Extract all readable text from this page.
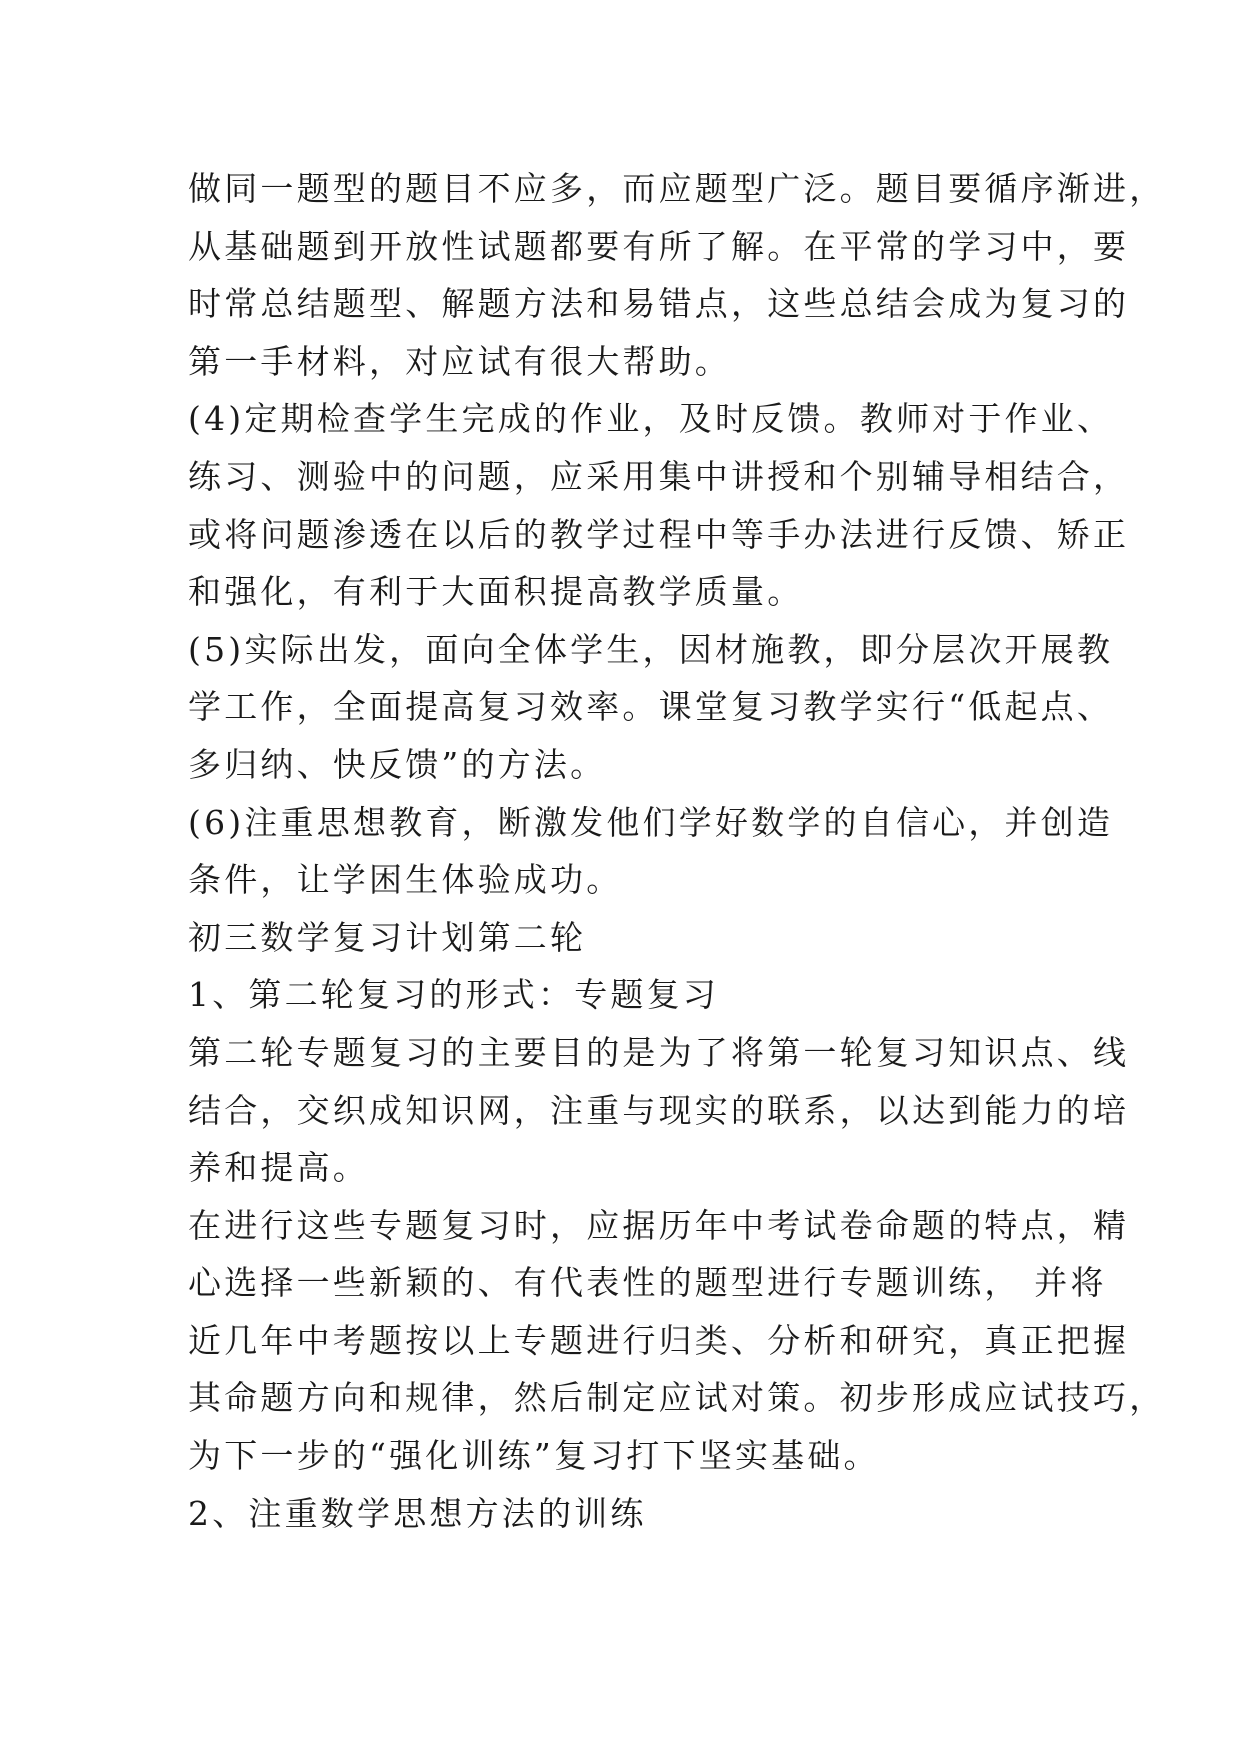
做同一题型的题目不应多，而应题型广泛。题目要循序渐进，
从基础题到开放性试题都要有所了解。在平常的学习中，要
时常总结题型、解题方法和易错点，这些总结会成为复习的
第一手材料，对应试有很大帮助。
(4)定期检查学生完成的作业，及时反馈。教师对于作业、
练习、测验中的问题，应采用集中讲授和个别辅导相结合，
或将问题渗透在以后的教学过程中等手办法进行反馈、矫正
和强化，有利于大面积提高教学质量。
(5)实际出发，面向全体学生，因材施教，即分层次开展教
学工作，全面提高复习效率。课堂复习教学实行“低起点、
多归纳、快反馈”的方法。
(6)注重思想教育，断激发他们学好数学的自信心，并创造
条件，让学困生体验成功。
初三数学复习计划第二轮
1、第二轮复习的形式：专题复习
第二轮专题复习的主要目的是为了将第一轮复习知识点、线
结合，交织成知识网，注重与现实的联系，以达到能力的培
养和提高。
在进行这些专题复习时，应据历年中考试卷命题的特点，精
心选择一些新颖的、有代表性的题型进行专题训练， 并将
近几年中考题按以上专题进行归类、分析和研究，真正把握
其命题方向和规律，然后制定应试对策。初步形成应试技巧，
为下一步的“强化训练”复习打下坚实基础。
2、注重数学思想方法的训练
